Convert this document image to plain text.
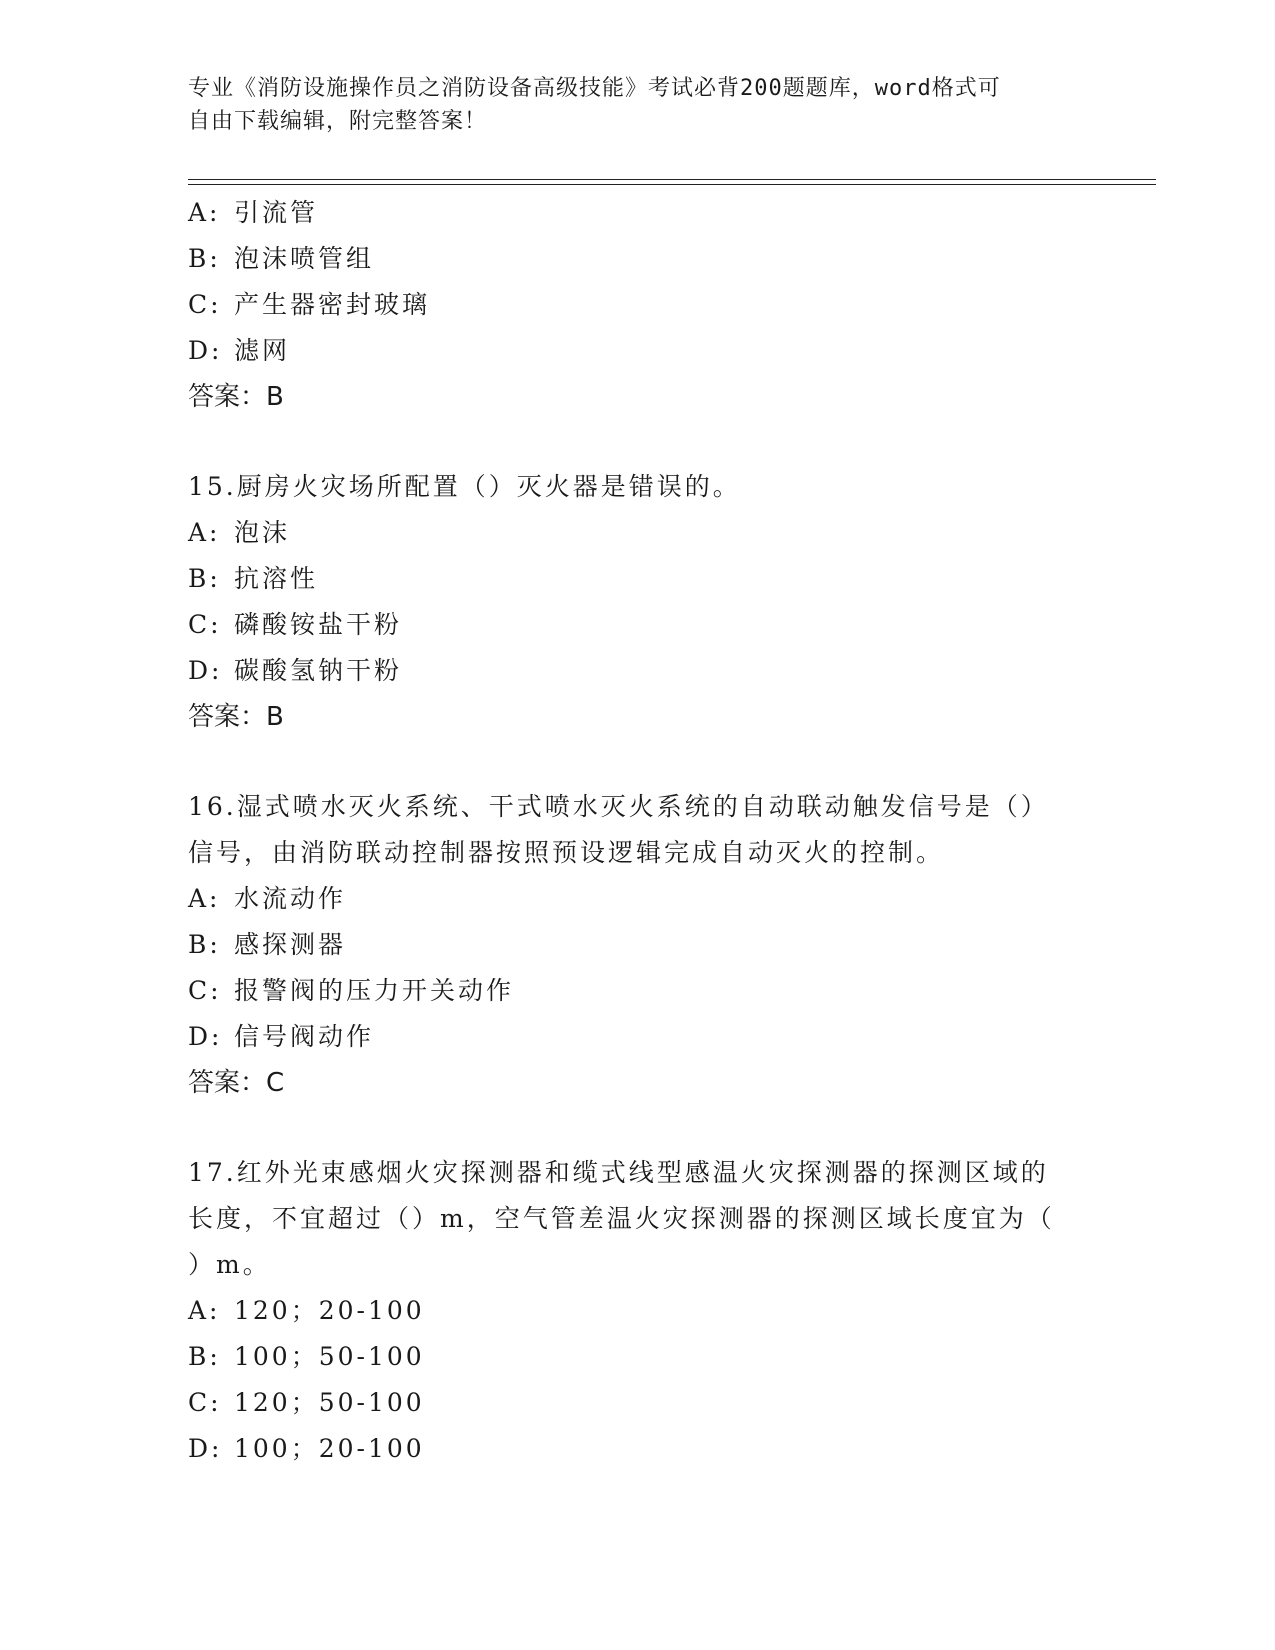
专业《消防设施操作员之消防设备高级技能》考试必背200题题库，word格式可
自由下载编辑，附完整答案！
A: 引流管
B: 泡沫喷管组
C: 产生器密封玻璃
D: 滤网
答案：B
15.厨房火灾场所配置（）灭火器是错误的。
A: 泡沫
B: 抗溶性
C: 磷酸铵盐干粉
D: 碳酸氢钠干粉
答案：B
16.湿式喷水灭火系统、干式喷水灭火系统的自动联动触发信号是（）
信号，由消防联动控制器按照预设逻辑完成自动灭火的控制。
A: 水流动作
B: 感探测器
C: 报警阀的压力开关动作
D: 信号阀动作
答案：C
17.红外光束感烟火灾探测器和缆式线型感温火灾探测器的探测区域的
长度，不宜超过（）m，空气管差温火灾探测器的探测区域长度宜为（
）m。
A: 120；20-100
B: 100；50-100
C: 120；50-100
D: 100；20-100
